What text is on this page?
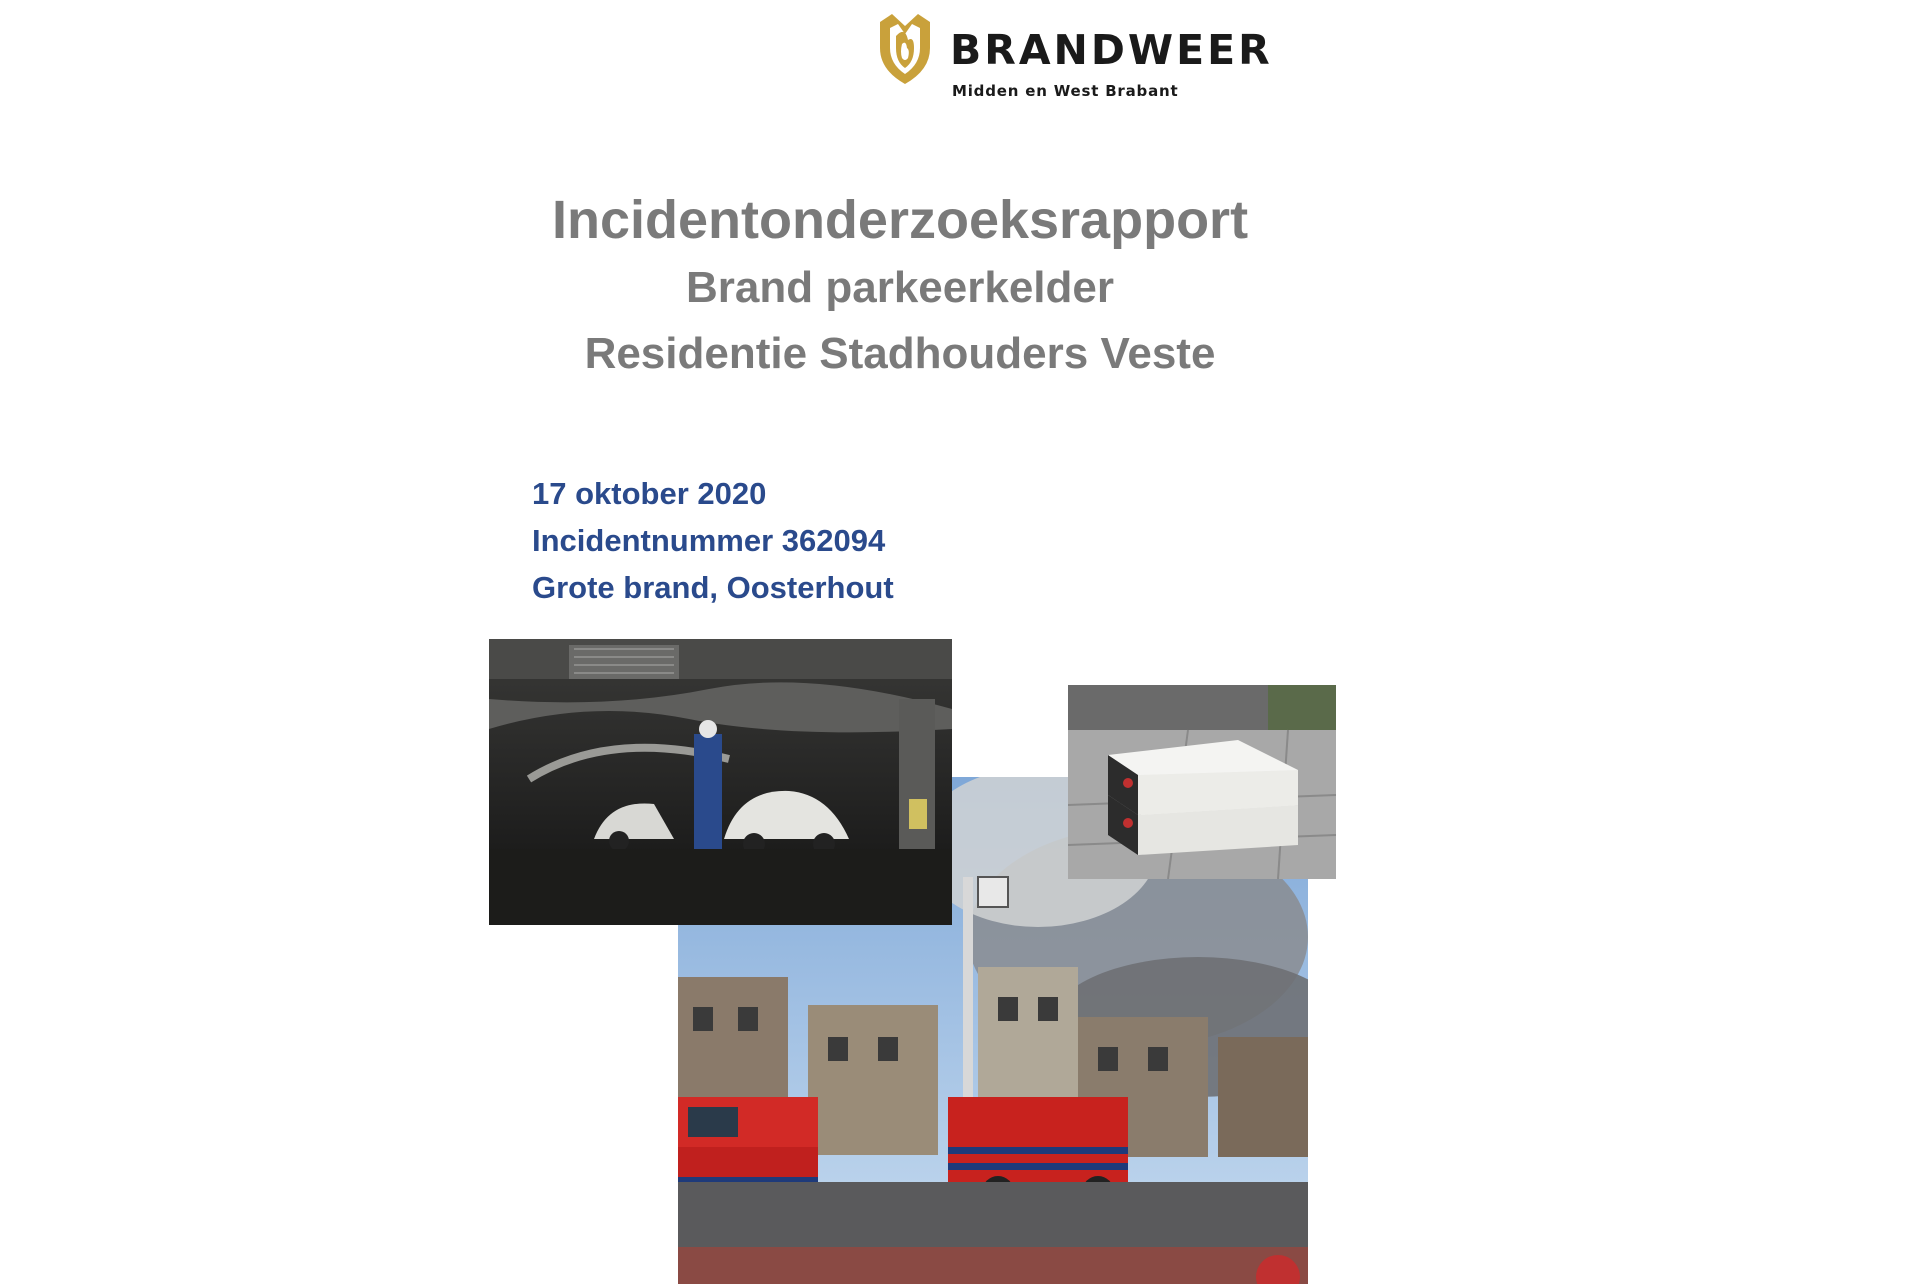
BRANDWEER
Midden en West Brabant
Incidentonderzoeksrapport
Brand parkeerkelder
Residentie Stadhouders Veste
17 oktober 2020
Incidentnummer 362094
Grote brand, Oosterhout
